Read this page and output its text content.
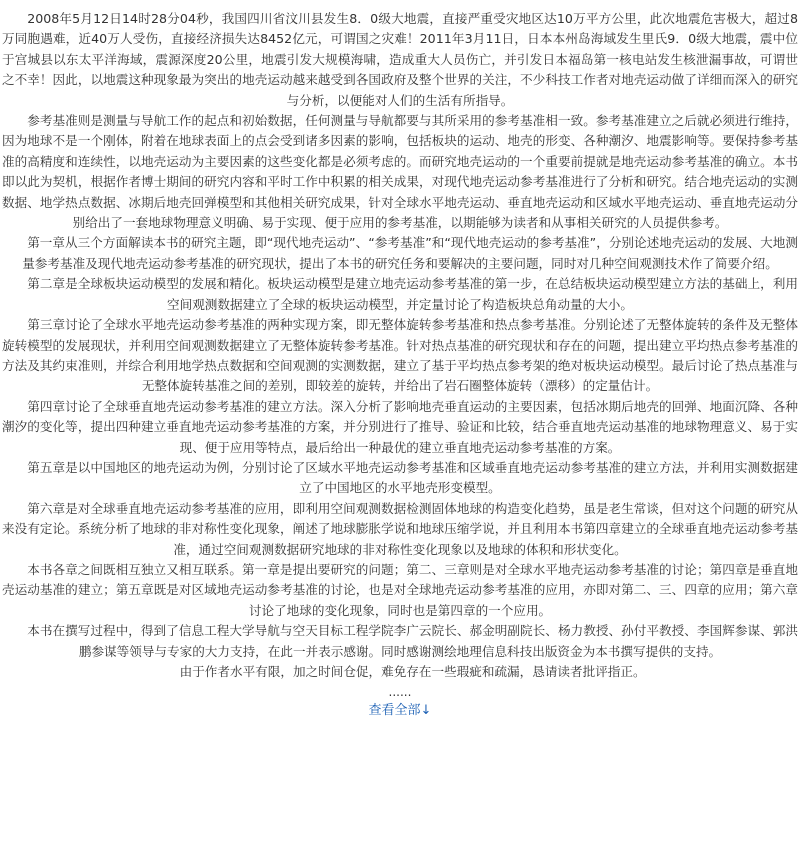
2008年5月12日14时28分04秒，我国四川省汶川县发生8．0级大地震，直接严重受灾地区达10万平方公里，此次地震危害极大，超过8万同胞遇难，近40万人受伤，直接经济损失达8452亿元，可谓国之灾难！2011年3月11日，日本本州岛海域发生里氏9．0级大地震，震中位于宫城县以东太平洋海域，震源深度20公里，地震引发大规模海啸，造成重大人员伤亡，并引发日本福岛第一核电站发生核泄漏事故，可谓世之不幸！因此，以地震这种现象最为突出的地壳运动越来越受到各国政府及整个世界的关注，不少科技工作者对地壳运动做了详细而深入的研究与分析，以便能对人们的生活有所指导。

参考基准则是测量与导航工作的起点和初始数据，任何测量与导航都要与其所采用的参考基准相一致。参考基准建立之后就必须进行维持，因为地球不是一个刚体，附着在地球表面上的点会受到诸多因素的影响，包括板块的运动、地壳的形变、各种潮汐、地震影响等。要保持参考基准的高精度和连续性，以地壳运动为主要因素的这些变化都是必须考虑的。而研究地壳运动的一个重要前提就是地壳运动参考基准的确立。本书即以此为契机，根据作者博士期间的研究内容和平时工作中积累的相关成果，对现代地壳运动参考基准进行了分析和研究。结合地壳运动的实测数据、地学热点数据、冰期后地壳回弹模型和其他相关研究成果，针对全球水平地壳运动、垂直地壳运动和区域水平地壳运动、垂直地壳运动分别给出了一套地球物理意义明确、易于实现、便于应用的参考基准，以期能够为读者和从事相关研究的人员提供参考。

第一章从三个方面解读本书的研究主题，即“现代地壳运动”、“参考基准”和“现代地壳运动的参考基准”，分别论述地壳运动的发展、大地测量参考基准及现代地壳运动参考基准的研究现状，提出了本书的研究任务和要解决的主要问题，同时对几种空间观测技术作了简要介绍。

第二章是全球板块运动模型的发展和精化。板块运动模型是建立地壳运动参考基准的第一步，在总结板块运动模型建立方法的基础上，利用空间观测数据建立了全球的板块运动模型，并定量讨论了构造板块总角动量的大小。

第三章讨论了全球水平地壳运动参考基准的两种实现方案，即无整体旋转参考基准和热点参考基准。分别论述了无整体旋转的条件及无整体旋转模型的发展现状，并利用空间观测数据建立了无整体旋转参考基准。针对热点基准的研究现状和存在的问题，提出建立平均热点参考基准的方法及其约束准则，并综合利用地学热点数据和空间观测的实测数据，建立了基于平均热点参考架的绝对板块运动模型。最后讨论了热点基准与无整体旋转基准之间的差别，即较差的旋转，并给出了岩石圈整体旋转（漂移）的定量估计。

第四章讨论了全球垂直地壳运动参考基准的建立方法。深入分析了影响地壳垂直运动的主要因素，包括冰期后地壳的回弹、地面沉降、各种潮汐的变化等，提出四种建立垂直地壳运动参考基准的方案，并分别进行了推导、验证和比较，结合垂直地壳运动基准的地球物理意义、易于实现、便于应用等特点，最后给出一种最优的建立垂直地壳运动参考基准的方案。

第五章是以中国地区的地壳运动为例，分别讨论了区域水平地壳运动参考基准和区域垂直地壳运动参考基准的建立方法，并利用实测数据建立了中国地区的水平地壳形变模型。

第六章是对全球垂直地壳运动参考基准的应用，即利用空间观测数据检测固体地球的构造变化趋势，虽是老生常谈，但对这个问题的研究从来没有定论。系统分析了地球的非对称性变化现象，阐述了地球膨胀学说和地球压缩学说，并且利用本书第四章建立的全球垂直地壳运动参考基准，通过空间观测数据研究地球的非对称性变化现象以及地球的体积和形状变化。

本书各章之间既相互独立又相互联系。第一章是提出要研究的问题；第二、三章则是对全球水平地壳运动参考基准的讨论；第四章是垂直地壳运动基准的建立；第五章既是对区域地壳运动参考基准的讨论，也是对全球地壳运动参考基准的应用，亦即对第二、三、四章的应用；第六章讨论了地球的变化现象，同时也是第四章的一个应用。

本书在撰写过程中，得到了信息工程大学导航与空天目标工程学院李广云院长、郝金明副院长、杨力教授、孙付平教授、李国辉参谋、郭洪鹏参谋等领导与专家的大力支持，在此一并表示感谢。同时感谢测绘地理信息科技出版资金为本书撰写提供的支持。

由于作者水平有限，加之时间仓促，难免存在一些瑕疵和疏漏，恳请读者批评指正。

......
查看全部↓
